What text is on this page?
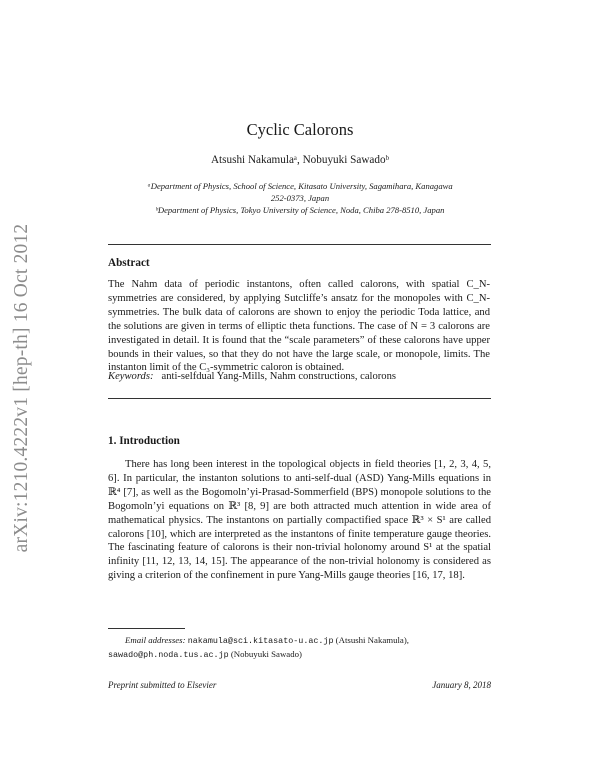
arXiv:1210.4222v1 [hep-th] 16 Oct 2012
Cyclic Calorons
Atsushi Nakamulaᵃ, Nobuyuki Sawadoᵇ

ᵃDepartment of Physics, School of Science, Kitasato University, Sagamihara, Kanagawa

252-0373, Japan

ᵇDepartment of Physics, Tokyo University of Science, Noda, Chiba 278-8510, Japan

Abstract
The Nahm data of periodic instantons, often called calorons, with spatial C_N-symmetries are considered, by applying Sutcliffe’s ansatz for the monopoles with C_N-symmetries. The bulk data of calorons are shown to enjoy the periodic Toda lattice, and the solutions are given in terms of elliptic theta functions. The case of N = 3 calorons are investigated in detail. It is found that the “scale parameters” of these calorons have upper bounds in their values, so that they do not have the large scale, or monopole, limits. The instanton limit of the C₃-symmetric caloron is obtained.
Keywords: anti-selfdual Yang-Mills, Nahm constructions, calorons
1. Introduction
There has long been interest in the topological objects in field theories [1, 2, 3, 4, 5, 6]. In particular, the instanton solutions to anti-self-dual (ASD) Yang-Mills equations in ℝ⁴ [7], as well as the Bogomoln’yi-Prasad-Sommerfield (BPS) monopole solutions to the Bogomoln’yi equations on ℝ³ [8, 9] are both attracted much attention in wide area of mathematical physics. The instantons on partially compactified space ℝ³ × S¹ are called calorons [10], which are interpreted as the instantons of finite temperature gauge theories. The fascinating feature of calorons is their non-trivial holonomy around S¹ at the spatial infinity [11, 12, 13, 14, 15]. The appearance of the non-trivial holonomy is considered as giving a criterion of the confinement in pure Yang-Mills gauge theories [16, 17, 18].
Email addresses: nakamula@sci.kitasato-u.ac.jp (Atsushi Nakamula),
sawado@ph.noda.tus.ac.jp (Nobuyuki Sawado)
Preprint submitted to Elsevier	January 8, 2018
